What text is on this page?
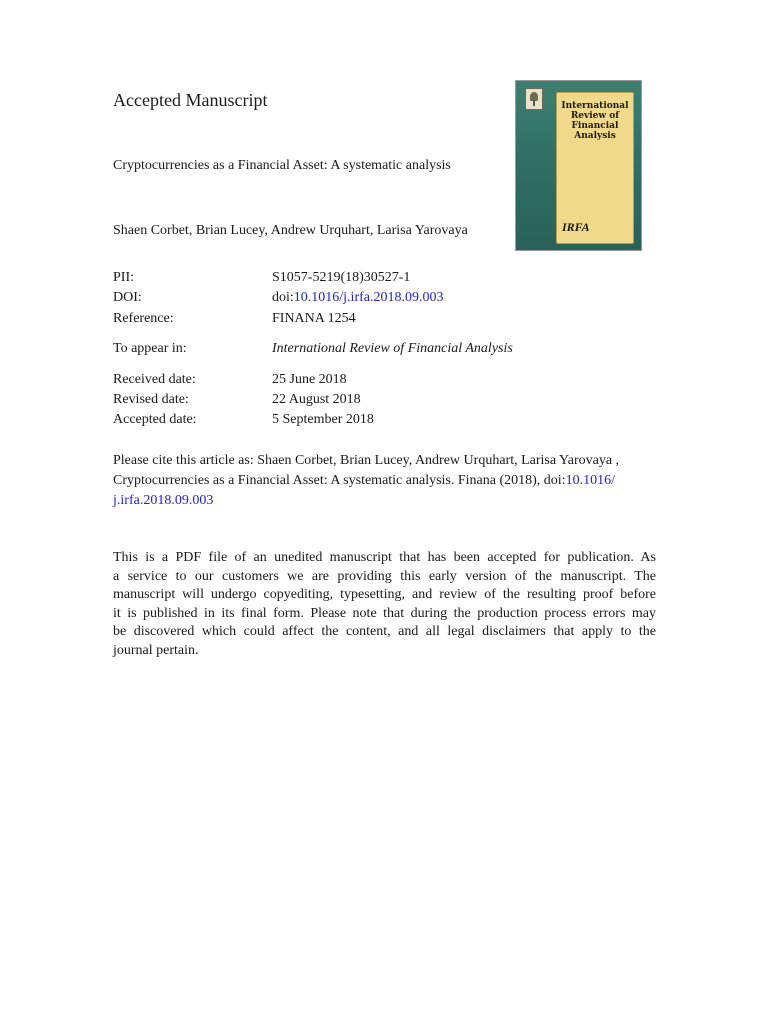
Accepted Manuscript
Cryptocurrencies as a Financial Asset: A systematic analysis
Shaen Corbet, Brian Lucey, Andrew Urquhart, Larisa Yarovaya
International Review of Financial Analysis
IRFA
PII:	S1057-5219(18)30527-1
DOI:	doi:10.1016/j.irfa.2018.09.003
Reference:	FINANA 1254
To appear in:	International Review of Financial Analysis
Received date:	25 June 2018
Revised date:	22 August 2018
Accepted date:	5 September 2018

Please cite this article as: Shaen Corbet, Brian Lucey, Andrew Urquhart, Larisa Yarovaya ,

Cryptocurrencies as a Financial Asset: A systematic analysis. Finana (2018), doi:10.1016/

j.irfa.2018.09.003

This is a PDF file of an unedited manuscript that has been accepted for publication. As

a service to our customers we are providing this early version of the manuscript. The

manuscript will undergo copyediting, typesetting, and review of the resulting proof before

it is published in its final form. Please note that during the production process errors may

be discovered which could affect the content, and all legal disclaimers that apply to the

journal pertain.
